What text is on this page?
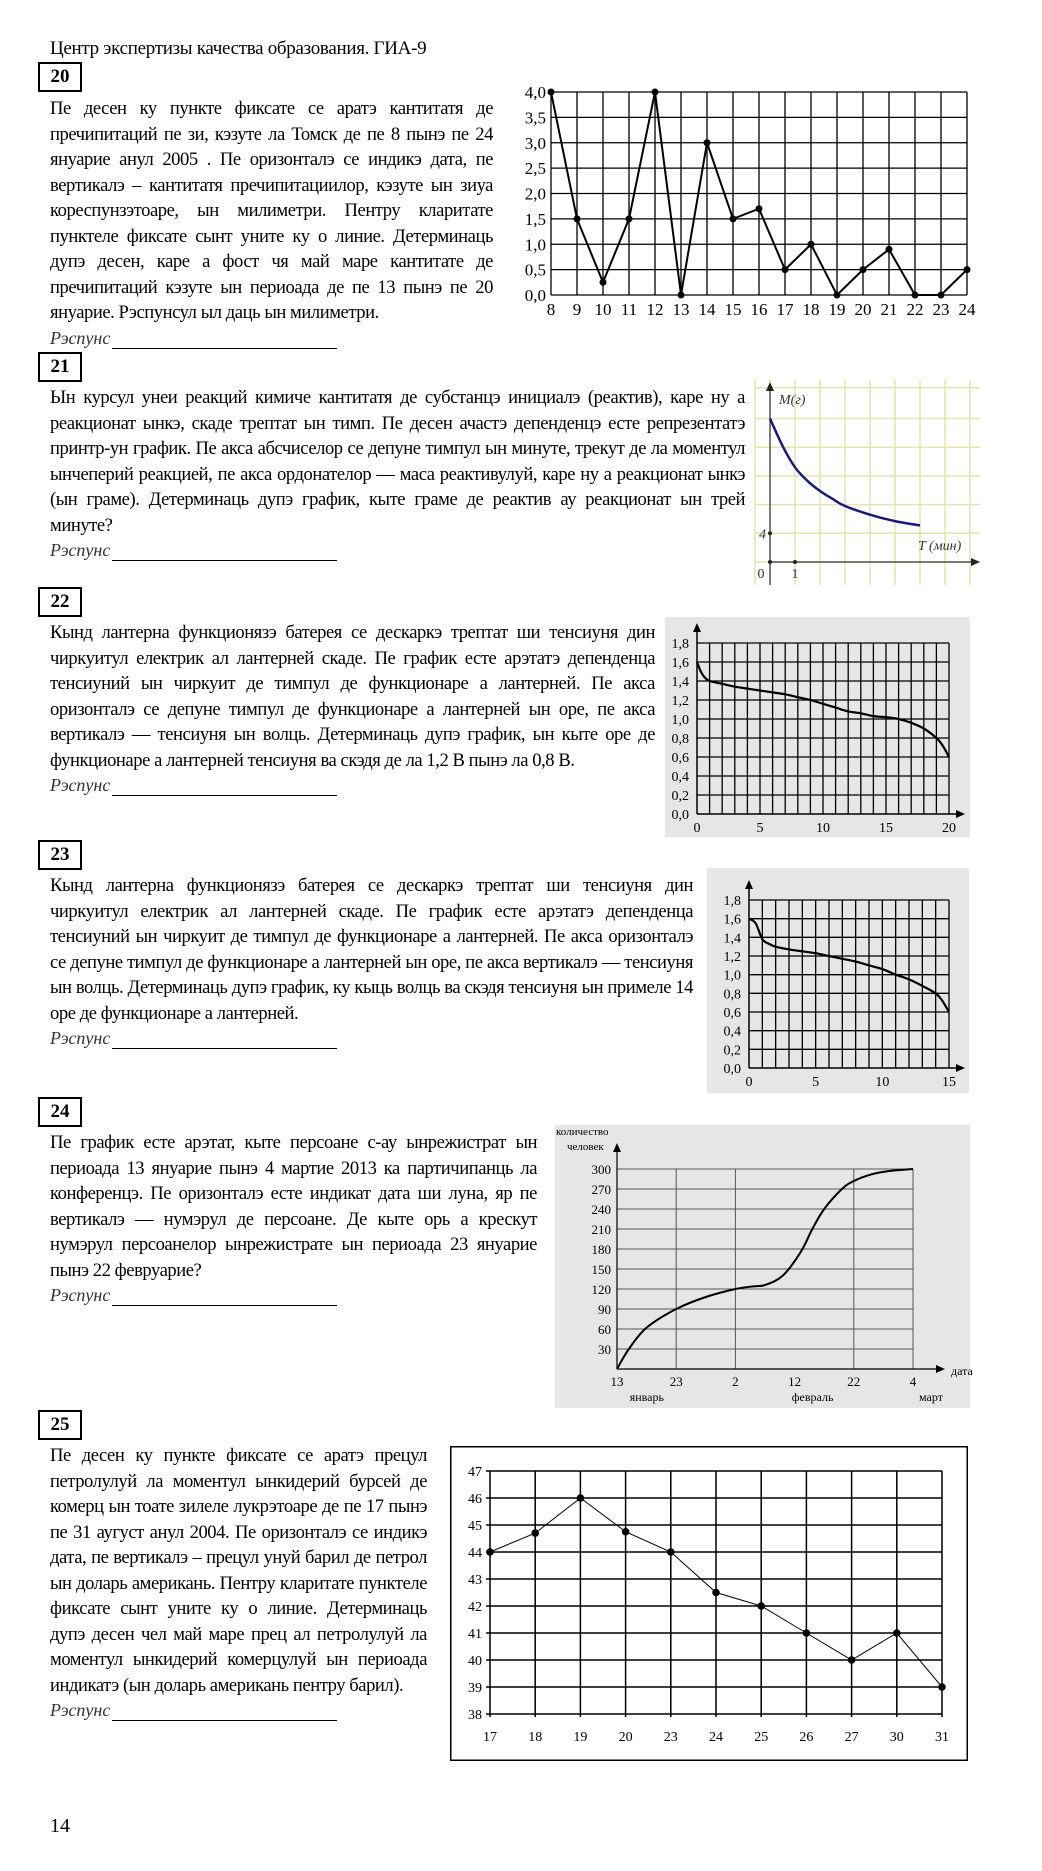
Центр экспертизы качества образования. ГИА-9
20
Пе десен ку пункте фиксате се аратэ кантитатя де пречипитаций пе зи, кэзуте ла Томск де пе 8 пынэ пе 24 януарие анул 2005 . Пе оризонталэ се индикэ дата, пе вертикалэ – кантитатя пречипитациилор, кэзуте ын зиуа кореспунзэтоаре, ын милиметри. Пентру кларитате пунктеле фиксате сынт уните ку о линие. Детерминаць дупэ десен, каре а фост чя май маре кантитате де пречипитаций кэзуте ын периоада де пе 13 пынэ пе 20 януарие. Рэспунсул ыл даць ын милиметри.
Рэспунс
0,0
0,5
1,0
1,5
2,0
2,5
3,0
3,5
4,0
8 9 10 11 12 13 14 15 16 17 18 19 20 21 22 23 24
21
Ын курсул унеи реакций кимиче кантитатя де субстанцэ инициалэ (реактив), каре ну а реакционат ынкэ, скаде трептат ын тимп. Пе десен ачастэ депенденцэ есте репрезентатэ принтр-ун график. Пе акса абсчиселор се депуне тимпул ын минуте, трекут де ла моментул ынчеперий реакцией, пе акса ордонателор — маса реактивулуй, каре ну а реакционат ынкэ (ын граме). Детерминаць дупэ график, кыте граме де реактив ау реакционат ын трей минуте?
Рэспунс
M(г)
T (мин)
0 1
4
22
Кынд лантерна функционязэ батерея се дескаркэ трептат ши тенсиуня дин чиркуитул електрик ал лантерней скаде. Пе график есте арэтатэ депенденца тенсиуний ын чиркуит де тимпул де функционаре а лантерней. Пе акса оризонталэ се депуне тимпул де функционаре а лантерней ын оре, пе акса вертикалэ — тенсиуня ын волць. Детерминаць дупэ график, ын кыте оре де функционаре а лантерней тенсиуня ва скэдя де ла 1,2 В пынэ ла 0,8 В.
Рэспунс
0,0
0,2
0,4
0,6
0,8
1,0
1,2
1,4
1,6
1,8
0	5	10	15	20
23
Кынд лантерна функционязэ батерея се дескаркэ трептат ши тенсиуня дин чиркуитул електрик ал лантерней скаде. Пе график есте арэтатэ депенденца тенсиуний ын чиркуит де тимпул де функционаре а лантерней. Пе акса оризонталэ се депуне тимпул де функционаре а лантерней ын оре, пе акса вертикалэ — тенсиуня ын волць. Детерминаць дупэ график, ку кыць волць ва скэдя тенсиуня ын примеле 14 оре де функционаре а лантерней.
Рэспунс
0,0
0,2
0,4
0,6
0,8
1,0
1,2
1,4
1,6
1,8
0	5	10	15
24
Пе график есте арэтат, кыте персоане с-ау ынрежистрат ын периоада 13 януарие пынэ 4 мартие 2013 ка партичипанць ла конференцэ. Пе оризонталэ есте индикат дата ши луна, яр пе вертикалэ — нумэрул де персоане. Де кыте орь а крескут нумэрул персоанелор ынрежистрате ын периоада 23 януарие пынэ 22 февруарие?
Рэспунс
количество
человек
дата
30
60
90
120
150
180
210
240
270
300
13	23	2	12	22	4
январь	февраль	март
25
Пе десен ку пункте фиксате се аратэ прецул петролулуй ла моментул ынкидерий бурсей де комерц ын тоате зилеле лукрэтоаре де пе 17 пынэ пе 31 аугуст анул 2004. Пе оризонталэ се индикэ дата, пе вертикалэ – прецул унуй барил де петрол ын доларь американь. Пентру кларитате пунктеле фиксате сынт уните ку о линие. Детерминаць дупэ десен чел май маре прец ал петролулуй ла моментул ынкидерий комерцулуй ын периоада индикатэ (ын доларь американь пентру барил).
Рэспунс	38
39
40
41
42
43
44
45
46
47
17 18 19 20 23 24 25 26 27 30 31
14
